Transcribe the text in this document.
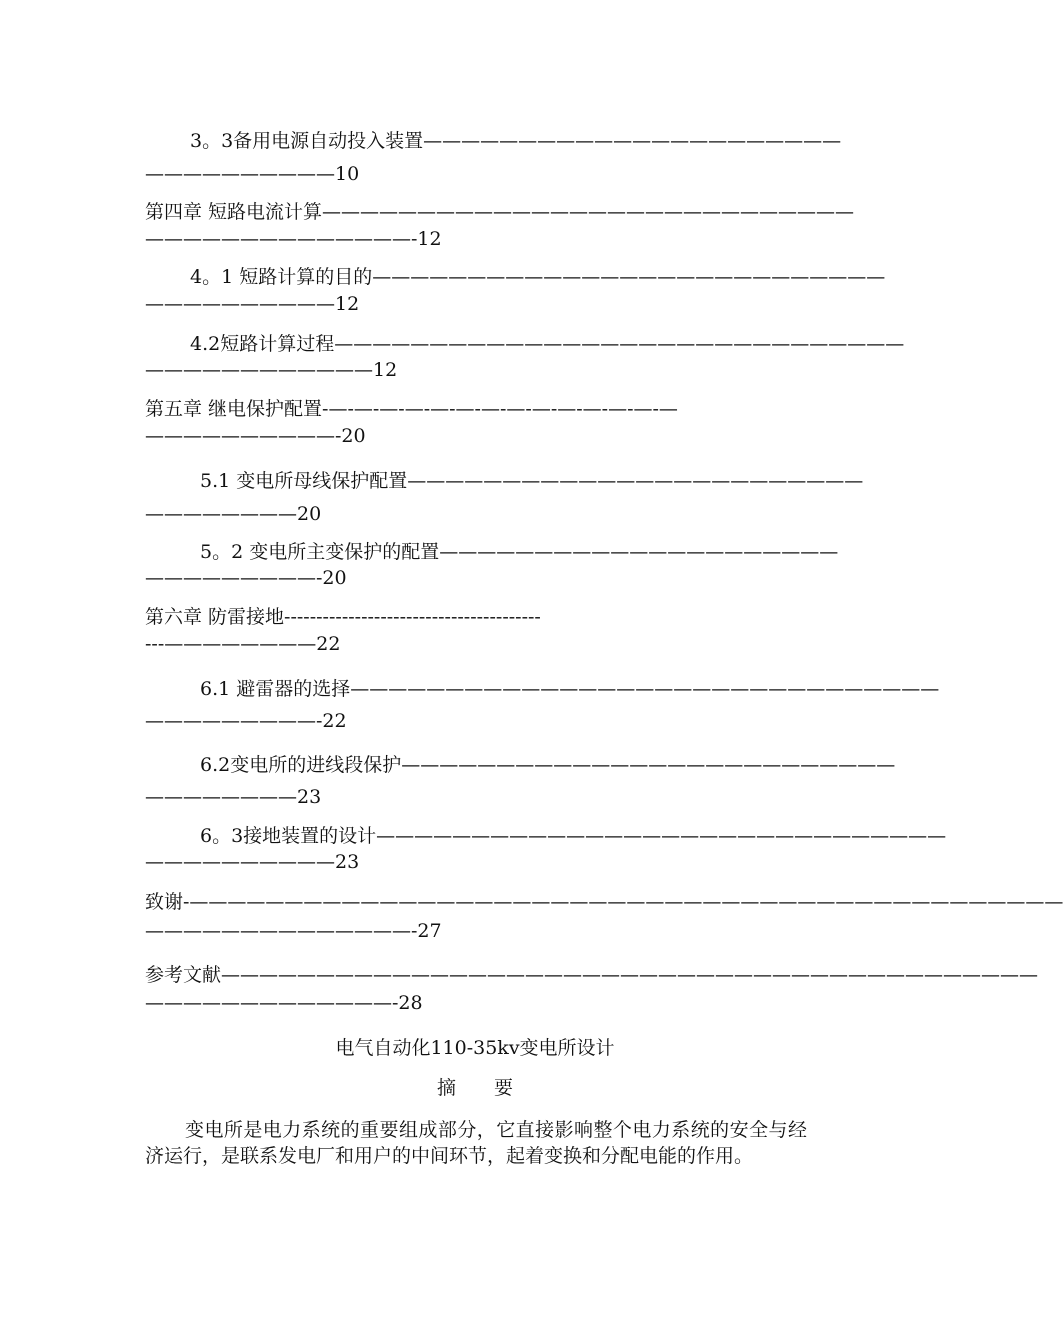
3。3备用电源自动投入装置——————————————————————
——————————10
第四章 短路电流计算————————————————————————————
——————————————-12
4。1 短路计算的目的———————————————————————————
——————————12
4.2短路计算过程——————————————————————————————
————————————12
第五章 继电保护配置-—-—-—-—-—-—-—-—-—-—-—-—-—-—
——————————-20
5.1 变电所母线保护配置————————————————————————
————————20
5。2 变电所主变保护的配置—————————————————————
—————————-20
第六章 防雷接地----------------------------------------
---————————22
6.1 避雷器的选择———————————————————————————————
—————————-22
6.2变电所的进线段保护——————————————————————————
————————23
6。3接地装置的设计——————————————————————————————
——————————23
致谢-——————————————————————————————————————————————
——————————————-27
参考文献———————————————————————————————————————————
—————————————-28
电气自动化110-35kv变电所设计
摘　　要
变电所是电力系统的重要组成部分，它直接影响整个电力系统的安全与经济运行，是联系发电厂和用户的中间环节，起着变换和分配电能的作用。
